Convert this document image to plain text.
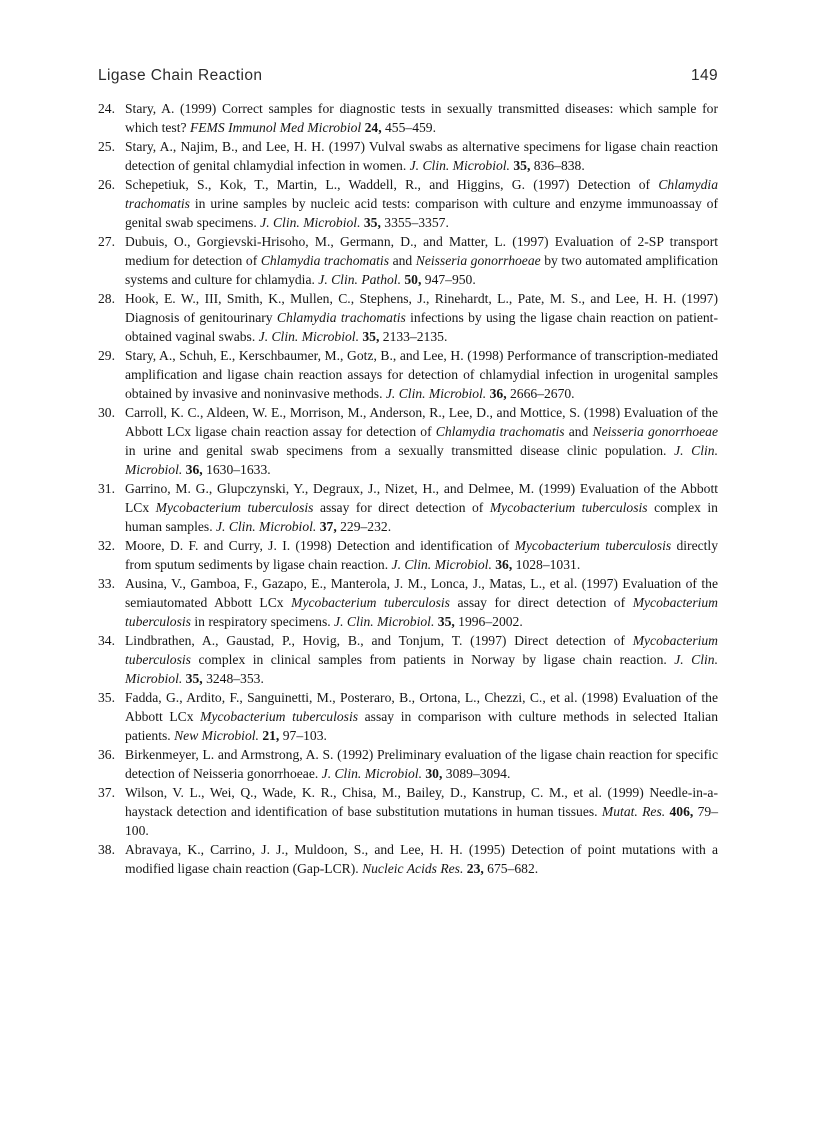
Ligase Chain Reaction	149
24. Stary, A. (1999) Correct samples for diagnostic tests in sexually transmitted diseases: which sample for which test? FEMS Immunol Med Microbiol 24, 455–459.
25. Stary, A., Najim, B., and Lee, H. H. (1997) Vulval swabs as alternative specimens for ligase chain reaction detection of genital chlamydial infection in women. J. Clin. Microbiol. 35, 836–838.
26. Schepetiuk, S., Kok, T., Martin, L., Waddell, R., and Higgins, G. (1997) Detection of Chlamydia trachomatis in urine samples by nucleic acid tests: comparison with culture and enzyme immunoassay of genital swab specimens. J. Clin. Microbiol. 35, 3355–3357.
27. Dubuis, O., Gorgievski-Hrisoho, M., Germann, D., and Matter, L. (1997) Evaluation of 2-SP transport medium for detection of Chlamydia trachomatis and Neisseria gonorrhoeae by two automated amplification systems and culture for chlamydia. J. Clin. Pathol. 50, 947–950.
28. Hook, E. W., III, Smith, K., Mullen, C., Stephens, J., Rinehardt, L., Pate, M. S., and Lee, H. H. (1997) Diagnosis of genitourinary Chlamydia trachomatis infections by using the ligase chain reaction on patient-obtained vaginal swabs. J. Clin. Microbiol. 35, 2133–2135.
29. Stary, A., Schuh, E., Kerschbaumer, M., Gotz, B., and Lee, H. (1998) Performance of transcription-mediated amplification and ligase chain reaction assays for detection of chlamydial infection in urogenital samples obtained by invasive and noninvasive methods. J. Clin. Microbiol. 36, 2666–2670.
30. Carroll, K. C., Aldeen, W. E., Morrison, M., Anderson, R., Lee, D., and Mottice, S. (1998) Evaluation of the Abbott LCx ligase chain reaction assay for detection of Chlamydia trachomatis and Neisseria gonorrhoeae in urine and genital swab specimens from a sexually transmitted disease clinic population. J. Clin. Microbiol. 36, 1630–1633.
31. Garrino, M. G., Glupczynski, Y., Degraux, J., Nizet, H., and Delmee, M. (1999) Evaluation of the Abbott LCx Mycobacterium tuberculosis assay for direct detection of Mycobacterium tuberculosis complex in human samples. J. Clin. Microbiol. 37, 229–232.
32. Moore, D. F. and Curry, J. I. (1998) Detection and identification of Mycobacterium tuberculosis directly from sputum sediments by ligase chain reaction. J. Clin. Microbiol. 36, 1028–1031.
33. Ausina, V., Gamboa, F., Gazapo, E., Manterola, J. M., Lonca, J., Matas, L., et al. (1997) Evaluation of the semiautomated Abbott LCx Mycobacterium tuberculosis assay for direct detection of Mycobacterium tuberculosis in respiratory specimens. J. Clin. Microbiol. 35, 1996–2002.
34. Lindbrathen, A., Gaustad, P., Hovig, B., and Tonjum, T. (1997) Direct detection of Mycobacterium tuberculosis complex in clinical samples from patients in Norway by ligase chain reaction. J. Clin. Microbiol. 35, 3248–353.
35. Fadda, G., Ardito, F., Sanguinetti, M., Posteraro, B., Ortona, L., Chezzi, C., et al. (1998) Evaluation of the Abbott LCx Mycobacterium tuberculosis assay in comparison with culture methods in selected Italian patients. New Microbiol. 21, 97–103.
36. Birkenmeyer, L. and Armstrong, A. S. (1992) Preliminary evaluation of the ligase chain reaction for specific detection of Neisseria gonorrhoeae. J. Clin. Microbiol. 30, 3089–3094.
37. Wilson, V. L., Wei, Q., Wade, K. R., Chisa, M., Bailey, D., Kanstrup, C. M., et al. (1999) Needle-in-a-haystack detection and identification of base substitution mutations in human tissues. Mutat. Res. 406, 79–100.
38. Abravaya, K., Carrino, J. J., Muldoon, S., and Lee, H. H. (1995) Detection of point mutations with a modified ligase chain reaction (Gap-LCR). Nucleic Acids Res. 23, 675–682.
